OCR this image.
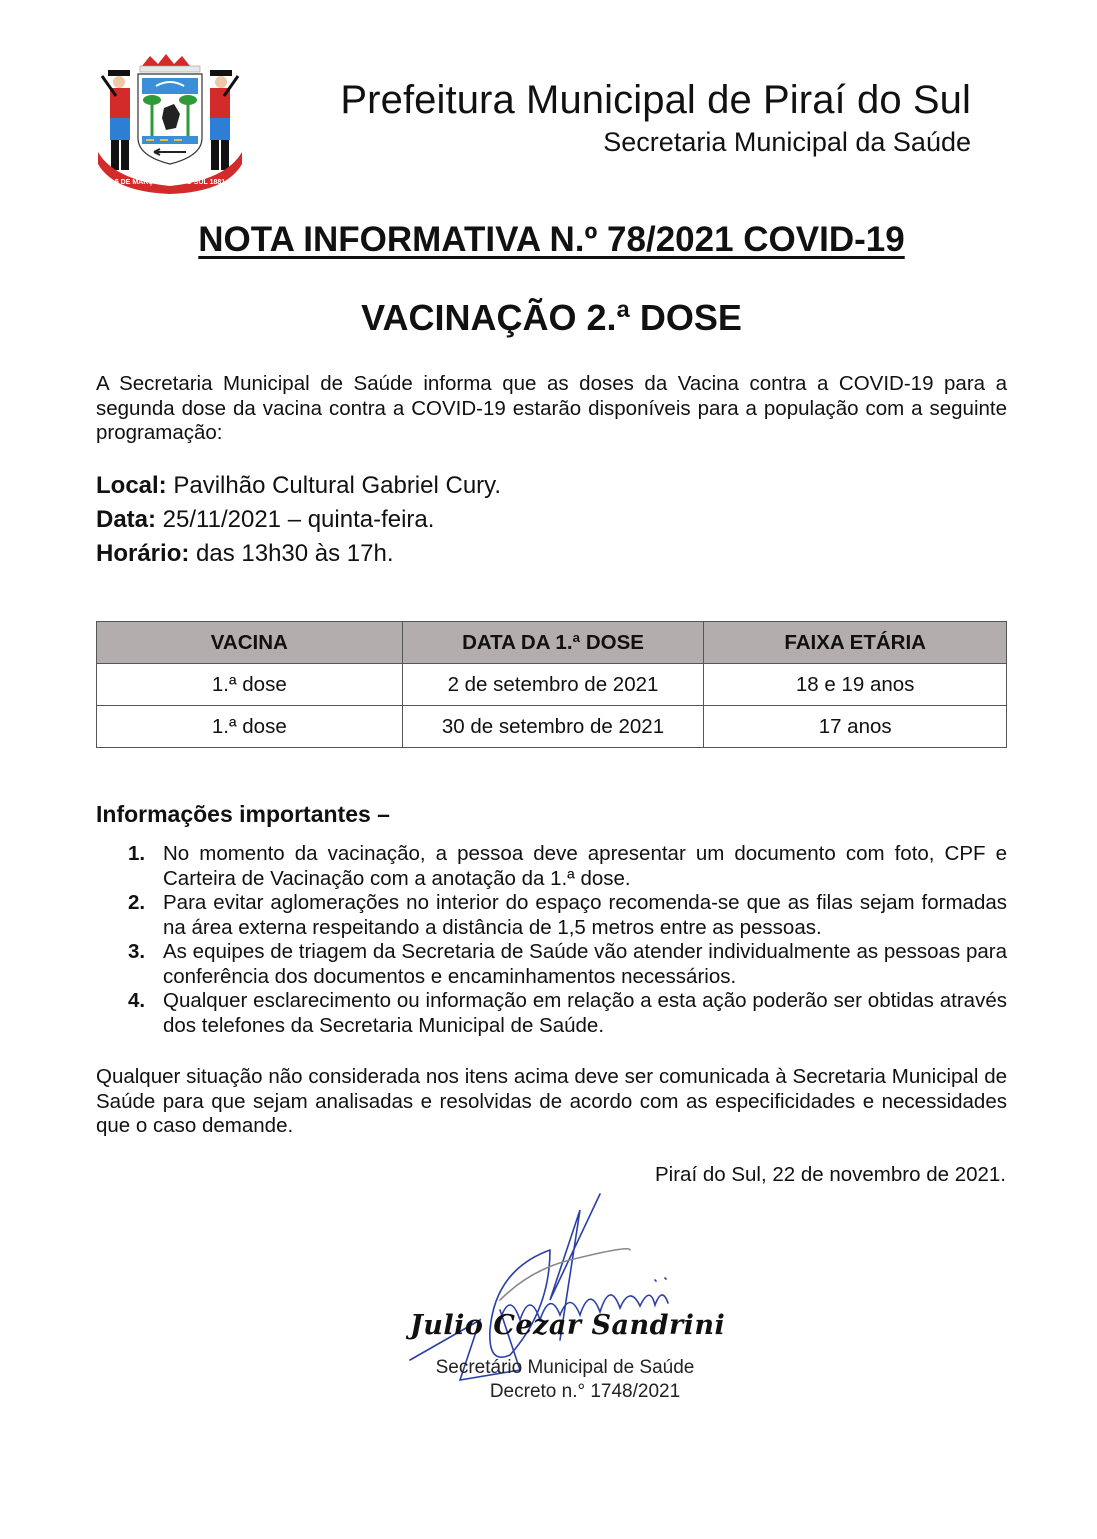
5 DE MARÇO PIRAÍ DO SUL 1881
Prefeitura Municipal de Piraí do Sul
Secretaria Municipal da Saúde
NOTA INFORMATIVA N.º 78/2021 COVID-19
VACINAÇÃO 2.ª DOSE
A Secretaria Municipal de Saúde informa que as doses da Vacina contra a COVID-19 para a segunda dose da vacina contra a COVID-19 estarão disponíveis para a população com a seguinte programação:
Local: Pavilhão Cultural Gabriel Cury.
Data: 25/11/2021 – quinta-feira.
Horário: das 13h30 às 17h.
VACINA	DATA DA 1.ª DOSE	FAIXA ETÁRIA
1.ª dose	2 de setembro de 2021	18 e 19 anos
1.ª dose	30 de setembro de 2021	17 anos
Informações importantes –
1. No momento da vacinação, a pessoa deve apresentar um documento com foto, CPF e Carteira de Vacinação com a anotação da 1.ª dose.
2. Para evitar aglomerações no interior do espaço recomenda-se que as filas sejam formadas na área externa respeitando a distância de 1,5 metros entre as pessoas.
3. As equipes de triagem da Secretaria de Saúde vão atender individualmente as pessoas para conferência dos documentos e encaminhamentos necessários.
4. Qualquer esclarecimento ou informação em relação a esta ação poderão ser obtidas através dos telefones da Secretaria Municipal de Saúde.
Qualquer situação não considerada nos itens acima deve ser comunicada à Secretaria Municipal de Saúde para que sejam analisadas e resolvidas de acordo com as especificidades e necessidades que o caso demande.
Piraí do Sul, 22 de novembro de 2021.
Julio Cezar Sandrini
Secretário Municipal de Saúde
Decreto n.° 1748/2021
